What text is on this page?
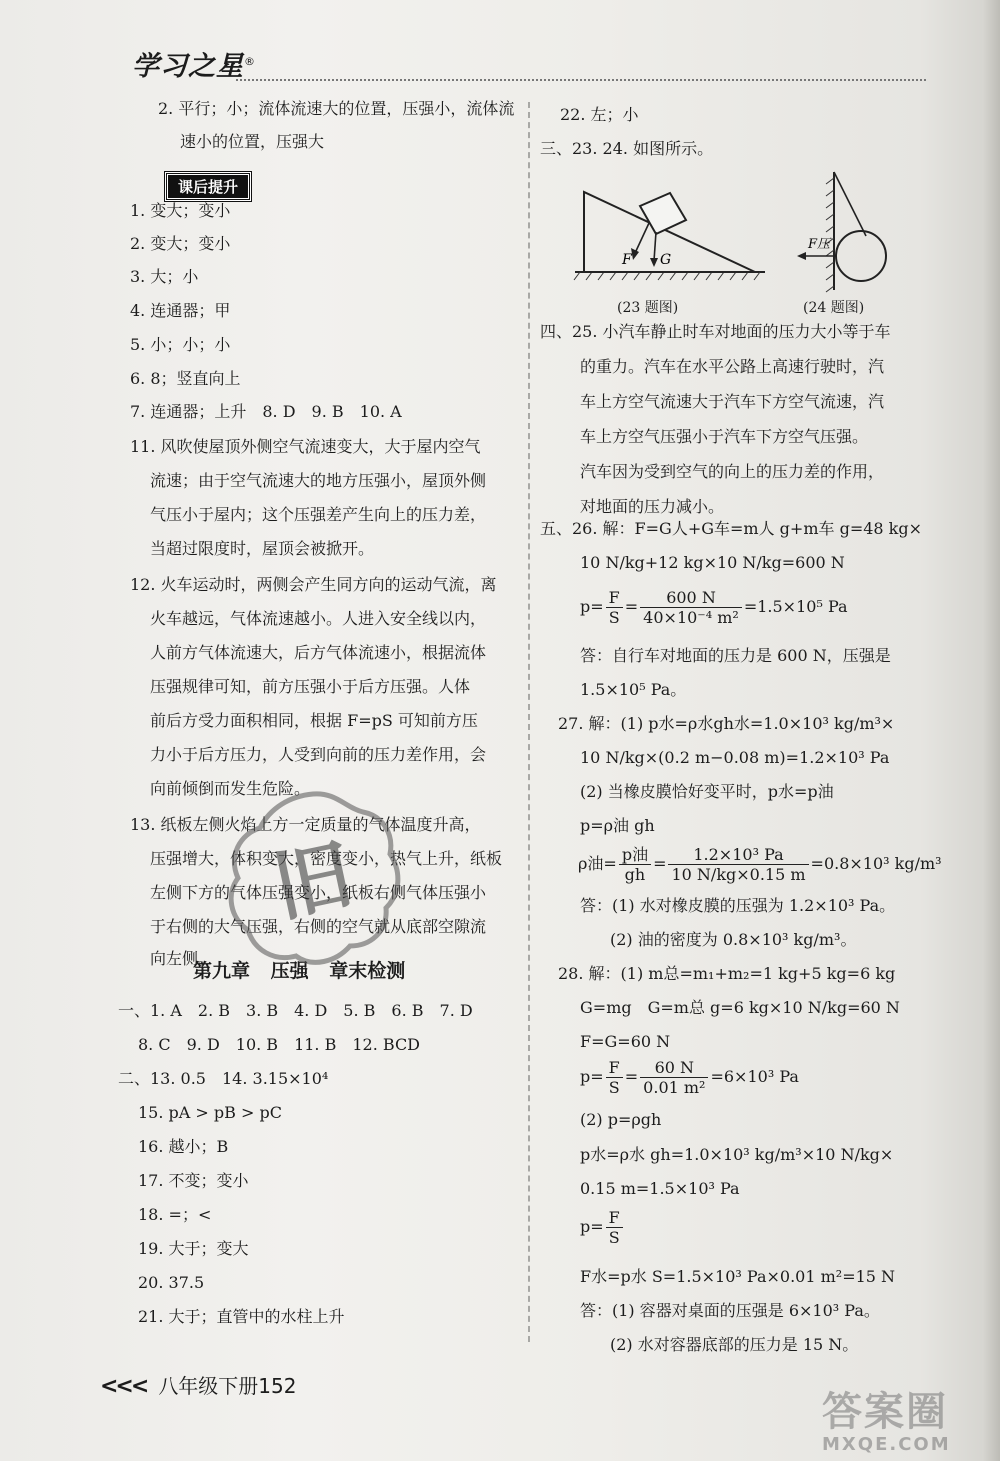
学习之星®
2. 平行；小；流体流速大的位置，压强小，流体流
速小的位置，压强大
课后提升
1. 变大；变小
2. 变大；变小
3. 大；小
4. 连通器；甲
5. 小；小；小
6. 8；竖直向上
7. 连通器；上升　8. D　9. B　10. A
11. 风吹使屋顶外侧空气流速变大，大于屋内空气
流速；由于空气流速大的地方压强小，屋顶外侧
气压小于屋内；这个压强差产生向上的压力差，
当超过限度时，屋顶会被掀开。
12. 火车运动时，两侧会产生同方向的运动气流，离
火车越远，气体流速越小。人进入安全线以内，
人前方气体流速大，后方气体流速小，根据流体
压强规律可知，前方压强小于后方压强。人体
前后方受力面积相同，根据 F=pS 可知前方压
力小于后方压力，人受到向前的压力差作用，会
向前倾倒而发生危险。
13. 纸板左侧火焰上方一定质量的气体温度升高，
压强增大，体积变大，密度变小，热气上升，纸板
左侧下方的气体压强变小，纸板右侧气体压强小
于右侧的大气压强，右侧的空气就从底部空隙流
向左侧。
第九章 压强 章末检测
一、1. A　2. B　3. B　4. D　5. B　6. B　7. D
8. C　9. D　10. B　11. B　12. BCD
二、13. 0.5　14. 3.15×10⁴
15. pA > pB > pC
16. 越小；B
17. 不变；变小
18. =；<
19. 大于；变大
20. 37.5
21. 大于；直管中的水柱上升
旧
22. 左；小
三、23. 24. 如图所示。
F G
(23 题图)
F压
(24 题图)
四、25. 小汽车静止时车对地面的压力大小等于车
的重力。汽车在水平公路上高速行驶时，汽
车上方空气流速大于汽车下方空气流速，汽
车上方空气压强小于汽车下方空气压强。
汽车因为受到空气的向上的压力差的作用，
对地面的压力减小。
五、26. 解：F=G人+G车=m人 g+m车 g=48 kg×
10 N/kg+12 kg×10 N/kg=600 N
$p= \frac{F}{S} = \frac{600 N}{\text{40×10⁻⁴ m²}} =1.5\times 10^5$ Pa
答：自行车对地面的压力是 600 N，压强是
1.5×10⁵ Pa。
27. 解：(1) p水=ρ水gh水=1.0×10³ kg/m³×
10 N/kg×(0.2 m−0.08 m)=1.2×10³ Pa
(2) 当橡皮膜恰好变平时，p水=p油
p=ρ油 gh
ρ油= $\frac{\text{p油}}{gh} = \frac{\text{1.2×10³ Pa}}{10 N/kg\times 0.15 m} =0.8\times 10^3$ kg/m³
答：(1) 水对橡皮膜的压强为 1.2×10³ Pa。
(2) 油的密度为 0.8×10³ kg/m³。
28. 解：(1) m总=m₁+m₂=1 kg+5 kg=6 kg
G=mg　G=m总 g=6 kg×10 N/kg=60 N
F=G=60 N
$p= \frac{F}{S} = \frac{60 N}{\text{0.01 m²}} =6\times 10^3$ Pa
(2) p=ρgh
p水=ρ水 gh=1.0×10³ kg/m³×10 N/kg×
0.15 m=1.5×10³ Pa
$p= \frac{F}{S}$
F水=p水 S=1.5×10³ Pa×0.01 m²=15 N
答：(1) 容器对桌面的压强是 6×10³ Pa。
(2) 水对容器底部的压力是 15 N。
<<< 八年级下册152
答案圈
MXQE.COM
